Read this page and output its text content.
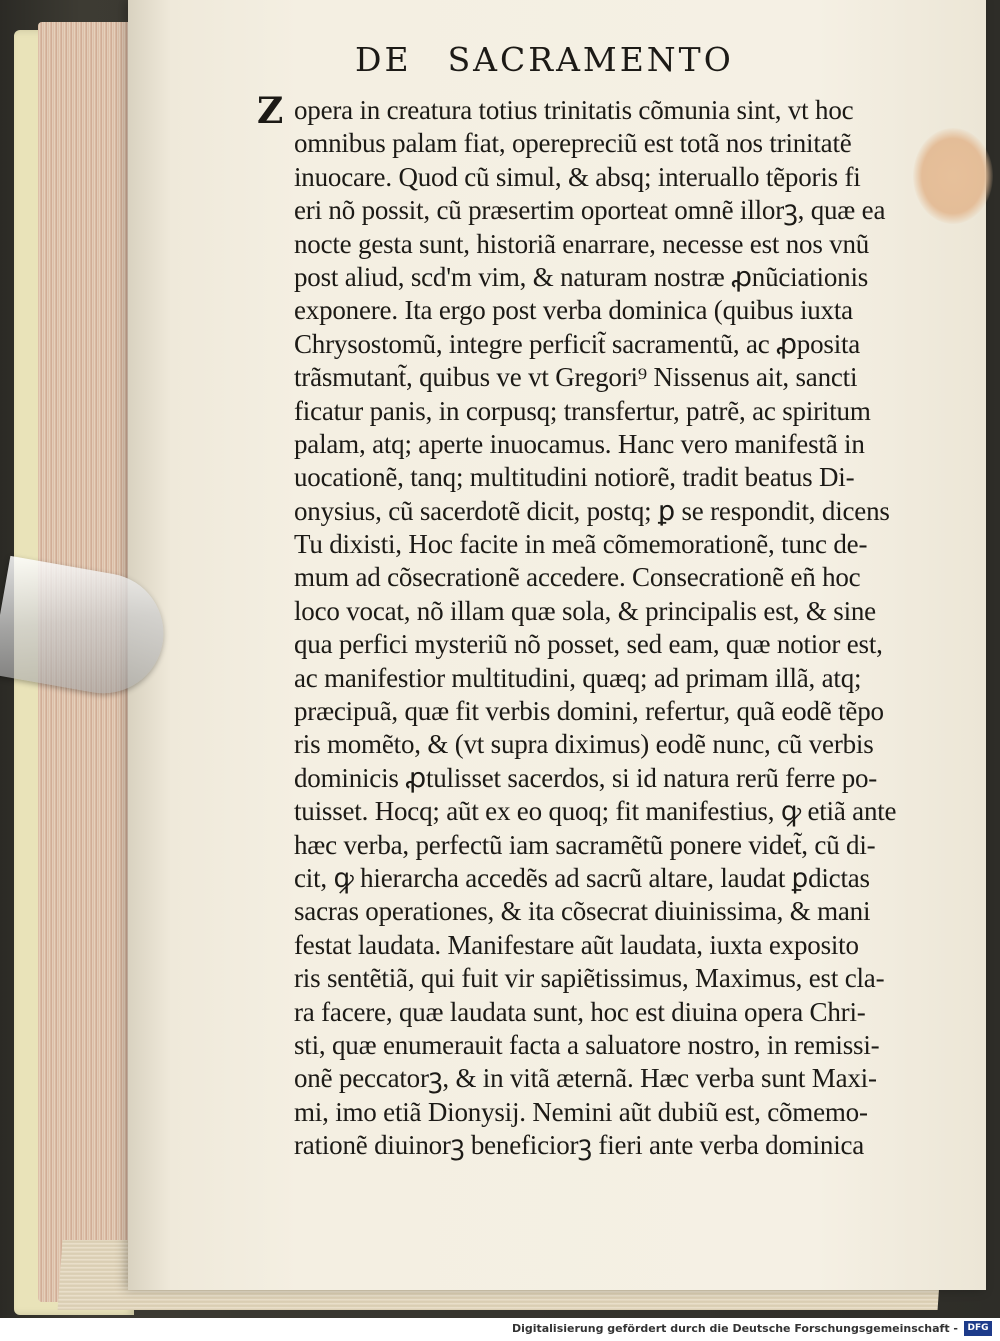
DE SACRAMENTO
Z opera in creatura totius trinitatis cõmunia sint, vt hoc
omnibus palam fiat, operepreciũ est totã nos trinitatẽ
inuocare. Quod cũ simul, & absq; interuallo tẽporis fi
eri nõ possit, cũ præsertim oporteat omnẽ illorꝫ, quæ ea
nocte gesta sunt, historiã enarrare, necesse est nos vnũ
post aliud, scd'm vim, & naturam nostræ ꝓnũciationis
exponere. Ita ergo post verba dominica (quibus iuxta
Chrysostomũ, integre perficit̃ sacramentũ, ac ꝓposita
trãsmutant̃, quibus ve vt Gregori⁹ Nissenus ait, sancti
ficatur panis, in corpusq; transfertur, patrẽ, ac spiritum
palam, atq; aperte inuocamus. Hanc vero manifestã in
uocationẽ, tanq; multitudini notiorẽ, tradit beatus Di-
onysius, cũ sacerdotẽ dicit, postq; ꝑ se respondit, dicens
Tu dixisti, Hoc facite in meã cõmemorationẽ, tunc de-
mum ad cõsecrationẽ accedere. Consecrationẽ eñ hoc
loco vocat, nõ illam quæ sola, & principalis est, & sine
qua perfici mysteriũ nõ posset, sed eam, quæ notior est,
ac manifestior multitudini, quæq; ad primam illã, atq;
præcipuã, quæ fit verbis domini, refertur, quã eodẽ tẽpo
ris momẽto, & (vt supra diximus) eodẽ nunc, cũ verbis
dominicis ꝓtulisset sacerdos, si id natura rerũ ferre po-
tuisset. Hocq; aũt ex eo quoq; fit manifestius, ꝙ etiã ante
hæc verba, perfectũ iam sacramẽtũ ponere videt̃, cũ di-
cit, ꝙ hierarcha accedẽs ad sacrũ altare, laudat ꝑdictas
sacras operationes, & ita cõsecrat diuinissima, & mani
festat laudata. Manifestare aũt laudata, iuxta exposito
ris sentẽtiã, qui fuit vir sapiẽtissimus, Maximus, est cla-
ra facere, quæ laudata sunt, hoc est diuina opera Chri-
sti, quæ enumerauit facta a saluatore nostro, in remissi-
onẽ peccatorꝫ, & in vitã æternã. Hæc verba sunt Maxi-
mi, imo etiã Dionysij. Nemini aũt dubiũ est, cõmemo-
rationẽ diuinorꝫ beneficiorꝫ fieri ante verba dominica
Digitalisierung gefördert durch die Deutsche Forschungsgemeinschaft -	DFG
